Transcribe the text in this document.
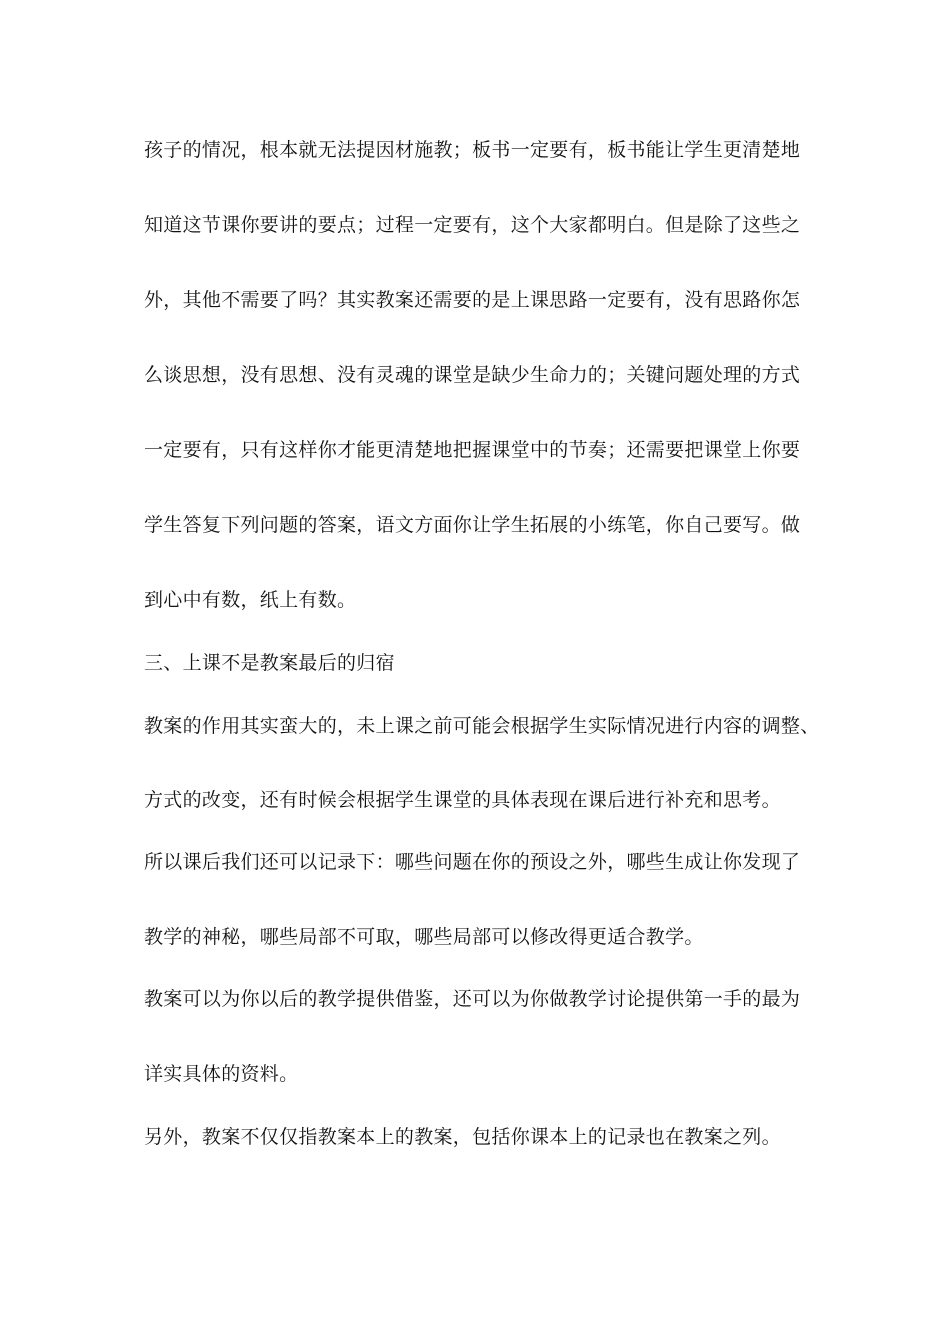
孩子的情况，根本就无法提因材施教；板书一定要有，板书能让学生更清楚地
知道这节课你要讲的要点；过程一定要有，这个大家都明白。但是除了这些之
外，其他不需要了吗？其实教案还需要的是上课思路一定要有，没有思路你怎
么谈思想，没有思想、没有灵魂的课堂是缺少生命力的；关键问题处理的方式
一定要有，只有这样你才能更清楚地把握课堂中的节奏；还需要把课堂上你要
学生答复下列问题的答案，语文方面你让学生拓展的小练笔，你自己要写。做
到心中有数，纸上有数。
三、上课不是教案最后的归宿
教案的作用其实蛮大的，未上课之前可能会根据学生实际情况进行内容的调整、
方式的改变，还有时候会根据学生课堂的具体表现在课后进行补充和思考。
所以课后我们还可以记录下：哪些问题在你的预设之外，哪些生成让你发现了
教学的神秘，哪些局部不可取，哪些局部可以修改得更适合教学。
教案可以为你以后的教学提供借鉴，还可以为你做教学讨论提供第一手的最为
详实具体的资料。
另外，教案不仅仅指教案本上的教案，包括你课本上的记录也在教案之列。
